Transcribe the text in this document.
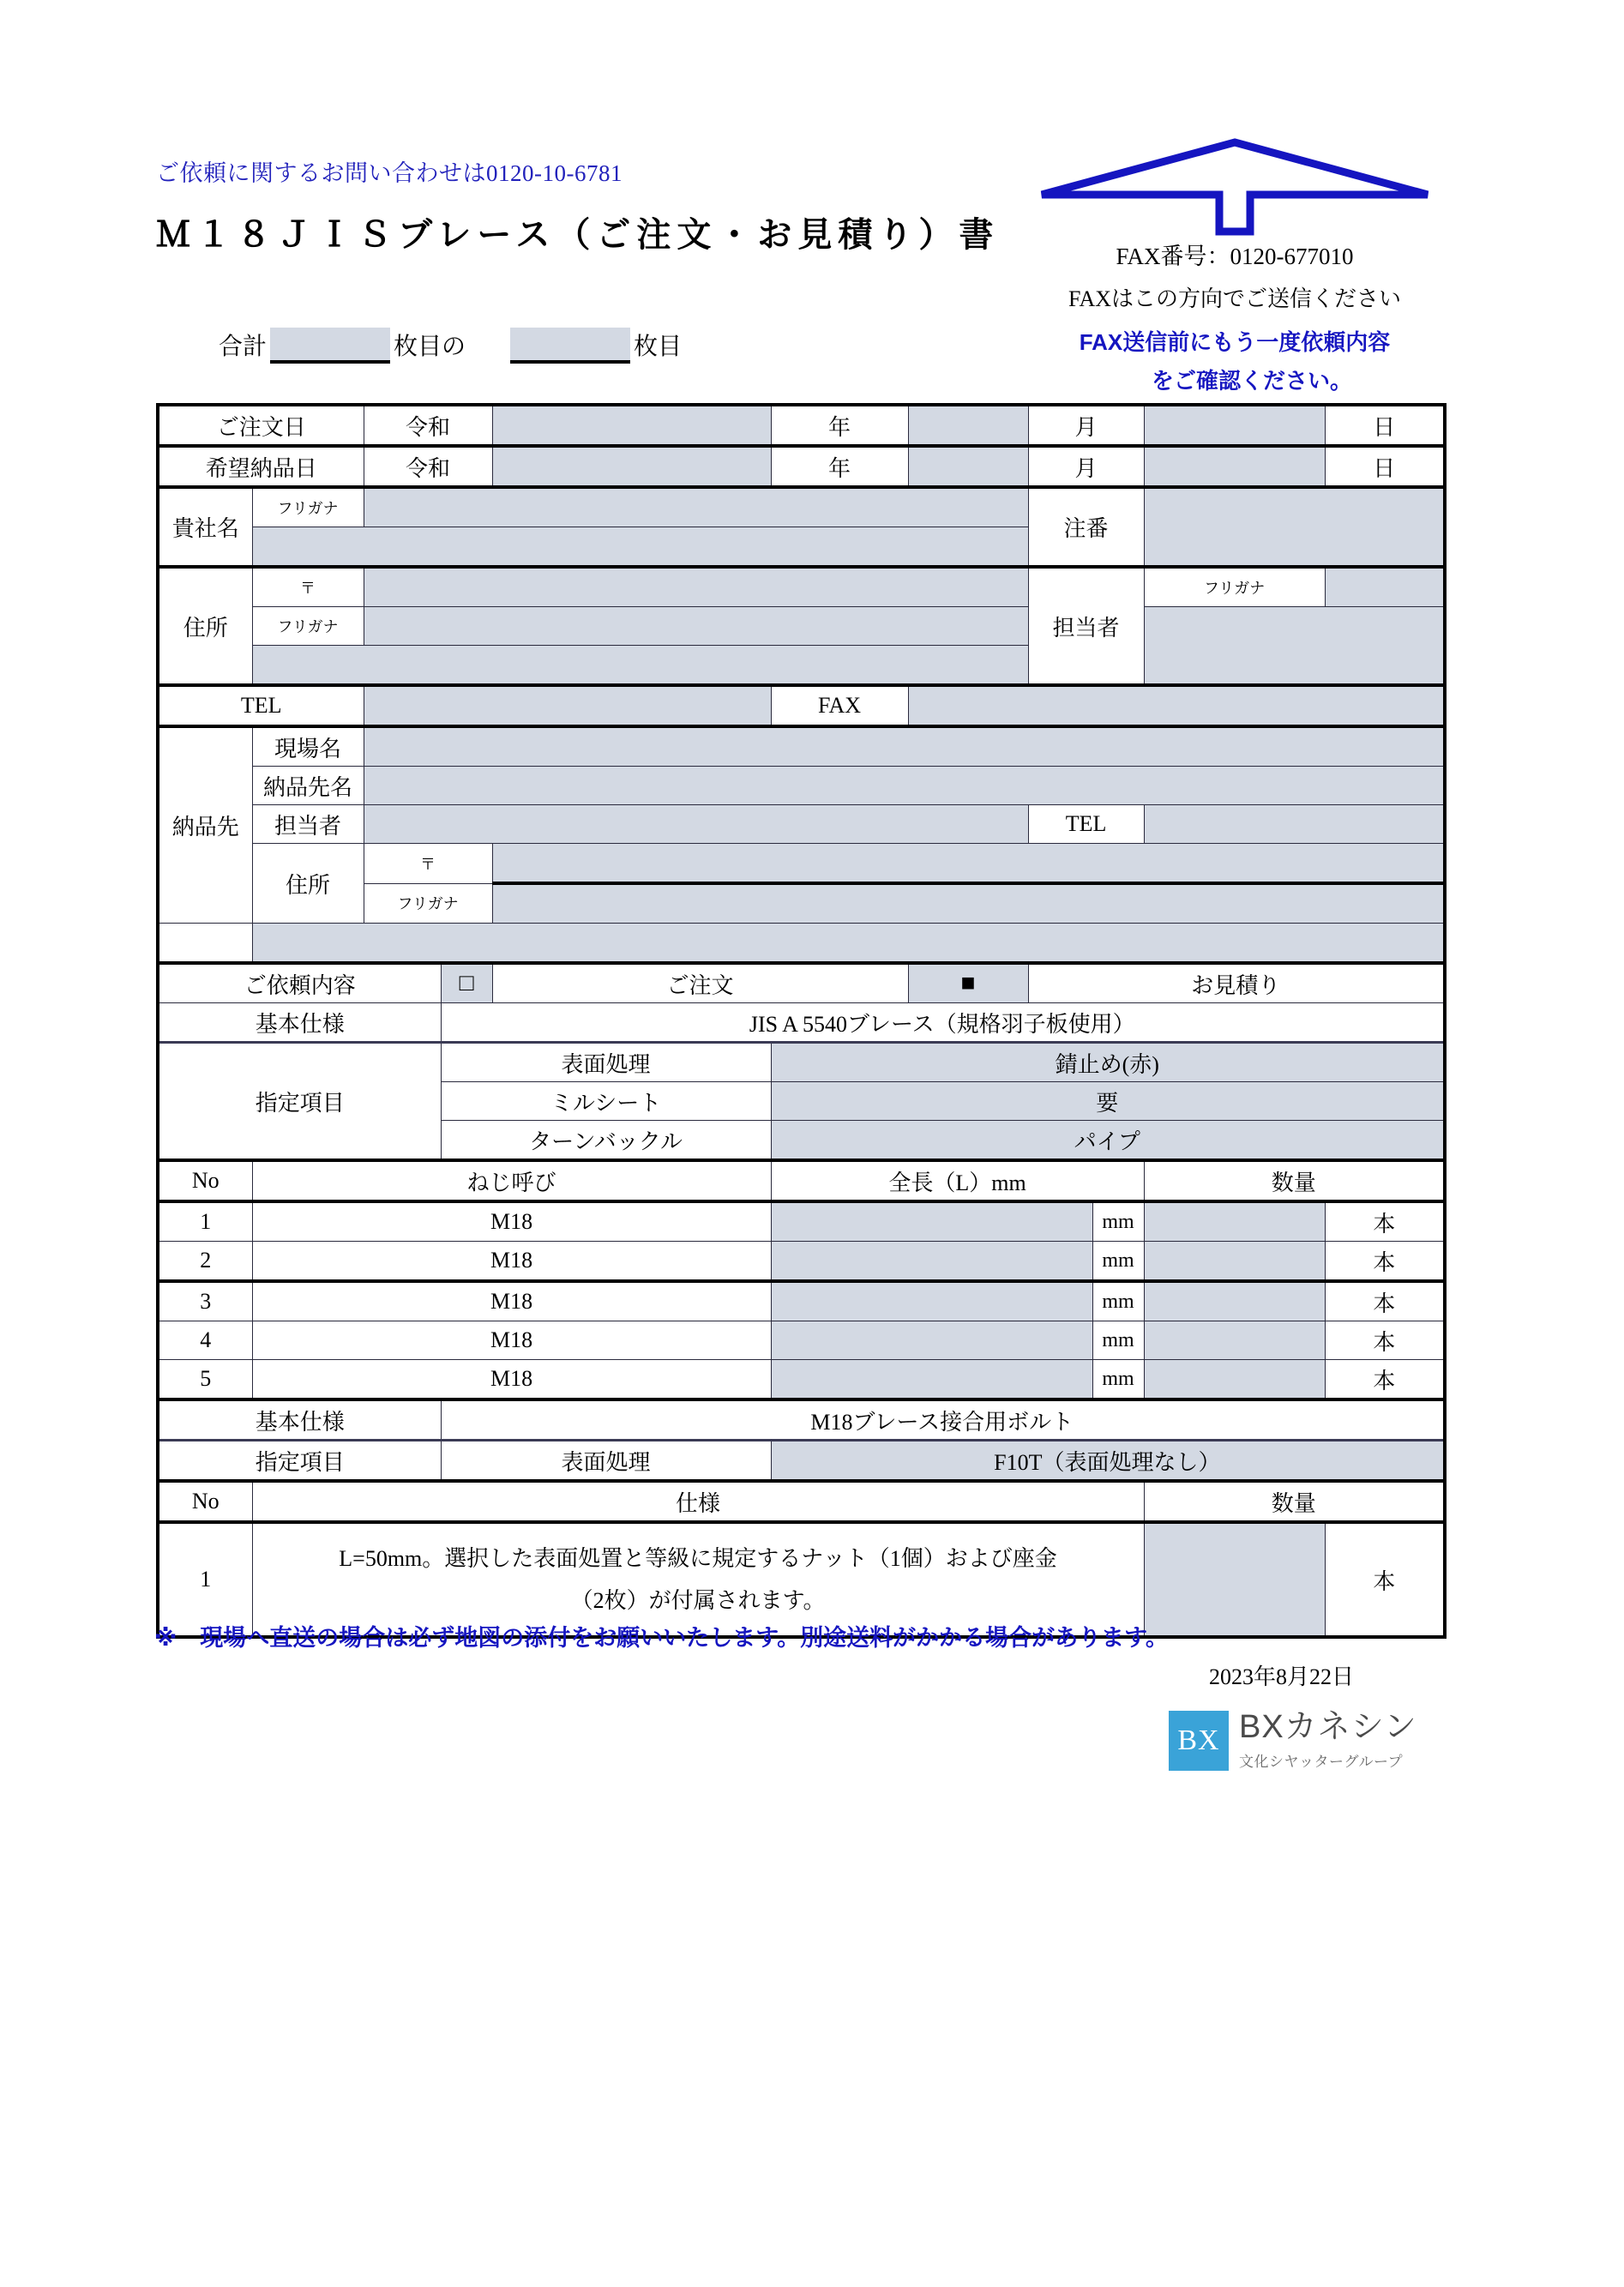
ご依頼に関するお問い合わせは0120-10-6781
Ｍ１８ＪＩＳブレース（ご注文・お見積り）書
FAX番号：0120-677010
FAXはこの方向でご送信ください
FAX送信前にもう一度依頼内容
をご確認ください。
合計	枚目の	枚目
ご注文日		令和			年		月			日
希望納品日		令和			年		月			日
貴社名	フリガナ						注番			

住所	〒						担当者		フリガナ	
	フリガナ									

TEL					FAX					
納品先	現場名									
	納品先名									
	担当者						TEL			
	住所	〒								
		フリガナ								

ご依頼内容			□	ご注文		■	お見積り			
基本仕様			JIS A 5540ブレース（規格羽子板使用）							
指定項目			表面処理		錆止め(赤)					
			ミルシート		要					
			ターンバックル		パイプ					
No	ねじ呼び				全長（L）mm				数量	
1	M18							mm		本
2	M18							mm		本
3	M18							mm		本
4	M18							mm		本
5	M18							mm		本
基本仕様			M18ブレース接合用ボルト							
指定項目			表面処理		F10T（表面処理なし）					
No	仕様								数量	
1	L=50mm。選択した表面処置と等級に規定するナット（1個）および座金
（2枚）が付属されます。									本
※　現場へ直送の場合は必ず地図の添付をお願いいたします。別途送料がかかる場合があります。
2023年8月22日
BX BXカネシン
文化シヤッターグループ
